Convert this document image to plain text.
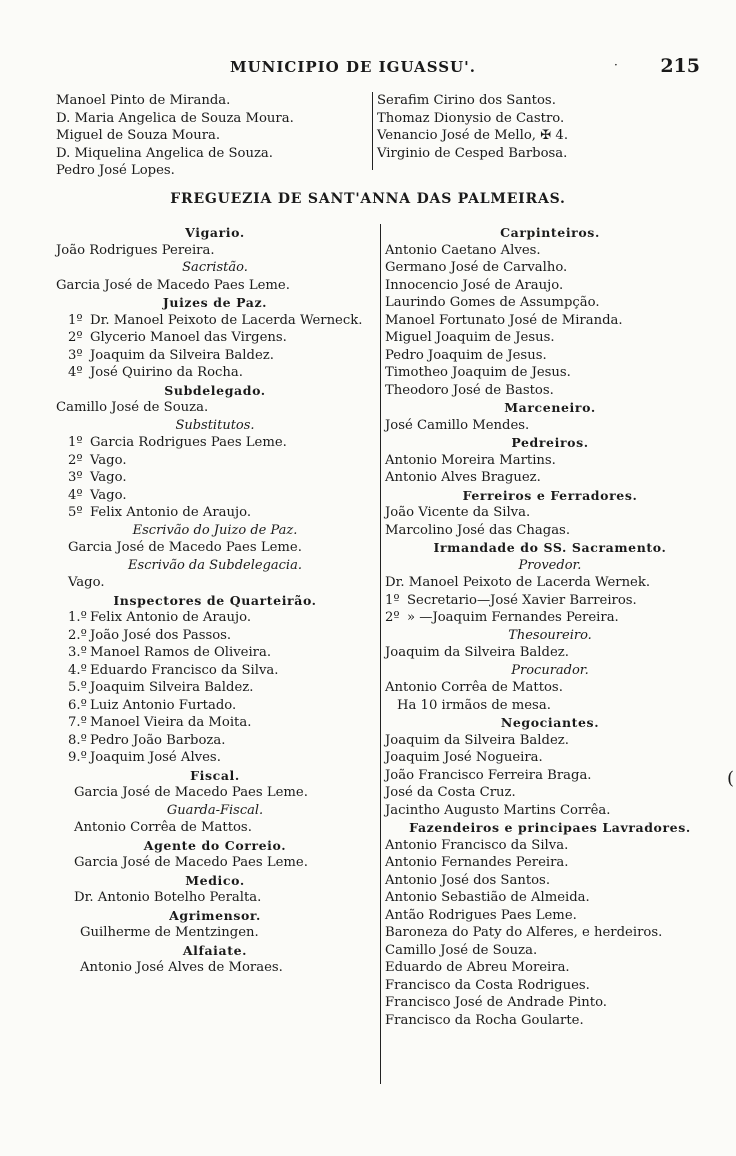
MUNICIPIO DE IGUASSU'.	215
·
Manoel Pinto de Miranda.
D. Maria Angelica de Souza Moura.
Miguel de Souza Moura.
D. Miquelina Angelica de Souza.
Pedro José Lopes.
Serafim Cirino dos Santos.
Thomaz Dionysio de Castro.
Venancio José de Mello, ✠ 4.
Virginio de Cesped Barbosa.
FREGUEZIA DE SANT'ANNA DAS PALMEIRAS.
Vigario.
João Rodrigues Pereira.
Sacristão.
Garcia José de Macedo Paes Leme.
Juizes de Paz.
1º Dr. Manoel Peixoto de Lacerda Werneck.
2º Glycerio Manoel das Virgens.
3º Joaquim da Silveira Baldez.
4º José Quirino da Rocha.
Subdelegado.
Camillo José de Souza.
Substitutos.
1º Garcia Rodrigues Paes Leme.
2º Vago.
3º Vago.
4º Vago.
5º Felix Antonio de Araujo.
Escrivão do Juizo de Paz.
Garcia José de Macedo Paes Leme.
Escrivão da Subdelegacia.
Vago.
Inspectores de Quarteirão.
1.º Felix Antonio de Araujo.
2.º João José dos Passos.
3.º Manoel Ramos de Oliveira.
4.º Eduardo Francisco da Silva.
5.º Joaquim Silveira Baldez.
6.º Luiz Antonio Furtado.
7.º Manoel Vieira da Moita.
8.º Pedro João Barboza.
9.º Joaquim José Alves.
Fiscal.
Garcia José de Macedo Paes Leme.
Guarda-Fiscal.
Antonio Corrêa de Mattos.
Agente do Correio.
Garcia José de Macedo Paes Leme.
Medico.
Dr. Antonio Botelho Peralta.
Agrimensor.
Guilherme de Mentzingen.
Alfaiate.
Antonio José Alves de Moraes.
Carpinteiros.
Antonio Caetano Alves.
Germano José de Carvalho.
Innocencio José de Araujo.
Laurindo Gomes de Assumpção.
Manoel Fortunato José de Miranda.
Miguel Joaquim de Jesus.
Pedro Joaquim de Jesus.
Timotheo Joaquim de Jesus.
Theodoro José de Bastos.
Marceneiro.
José Camillo Mendes.
Pedreiros.
Antonio Moreira Martins.
Antonio Alves Braguez.
Ferreiros e Ferradores.
João Vicente da Silva.
Marcolino José das Chagas.
Irmandade do SS. Sacramento.
Provedor.
Dr. Manoel Peixoto de Lacerda Wernek.
1º Secretario—José Xavier Barreiros.
2º » —Joaquim Fernandes Pereira.
Thesoureiro.
Joaquim da Silveira Baldez.
Procurador.
Antonio Corrêa de Mattos.
Ha 10 irmãos de mesa.
Negociantes.
Joaquim da Silveira Baldez.
Joaquim José Nogueira.
João Francisco Ferreira Braga.
José da Costa Cruz.
Jacintho Augusto Martins Corrêa.
Fazendeiros e principaes Lavradores.
Antonio Francisco da Silva.
Antonio Fernandes Pereira.
Antonio José dos Santos.
Antonio Sebastião de Almeida.
Antão Rodrigues Paes Leme.
Baroneza do Paty do Alferes, e herdeiros.
Camillo José de Souza.
Eduardo de Abreu Moreira.
Francisco da Costa Rodrigues.
Francisco José de Andrade Pinto.
Francisco da Rocha Goularte.
(
